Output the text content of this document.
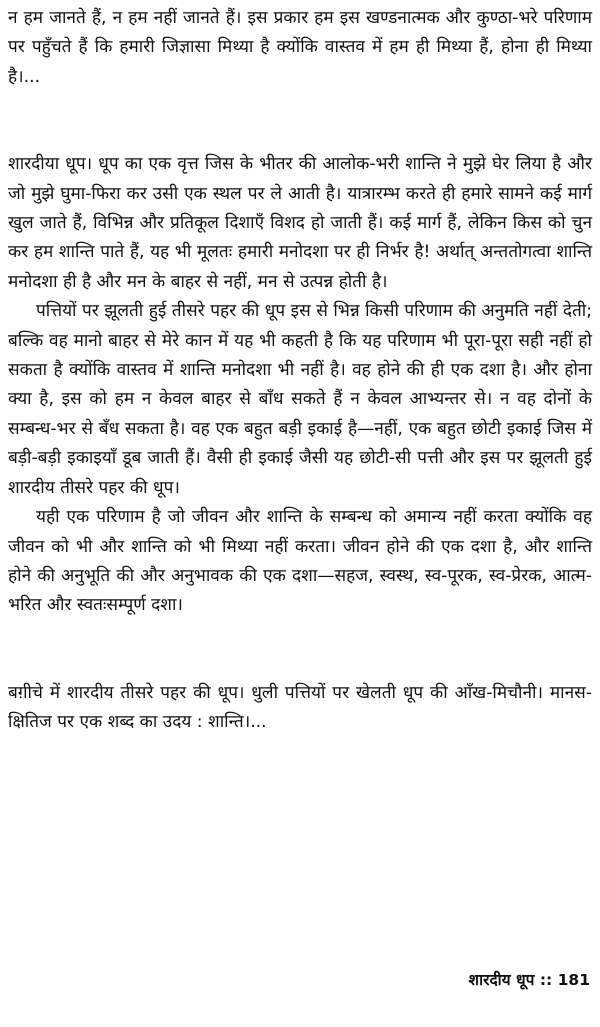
न हम जानते हैं, न हम नहीं जानते हैं। इस प्रकार हम इस खण्डनात्मक और कुण्ठा-भरे परिणाम पर पहुँचते हैं कि हमारी जिज्ञासा मिथ्या है क्योंकि वास्तव में हम ही मिथ्या हैं, होना ही मिथ्या है।...

शारदीया धूप। धूप का एक वृत्त जिस के भीतर की आलोक-भरी शान्ति ने मुझे घेर लिया है और जो मुझे घुमा-फिरा कर उसी एक स्थल पर ले आती है। यात्रारम्भ करते ही हमारे सामने कई मार्ग खुल जाते हैं, विभिन्न और प्रतिकूल दिशाएँ विशद हो जाती हैं। कई मार्ग हैं, लेकिन किस को चुन कर हम शान्ति पाते हैं, यह भी मूलतः हमारी मनोदशा पर ही निर्भर है! अर्थात् अन्ततोगत्वा शान्ति मनोदशा ही है और मन के बाहर से नहीं, मन से उत्पन्न होती है।

पत्तियों पर झूलती हुई तीसरे पहर की धूप इस से भिन्न किसी परिणाम की अनुमति नहीं देती; बल्कि वह मानो बाहर से मेरे कान में यह भी कहती है कि यह परिणाम भी पूरा-पूरा सही नहीं हो सकता है क्योंकि वास्तव में शान्ति मनोदशा भी नहीं है। वह होने की ही एक दशा है। और होना क्या है, इस को हम न केवल बाहर से बाँध सकते हैं न केवल आभ्यन्तर से। न वह दोनों के सम्बन्ध-भर से बँध सकता है। वह एक बहुत बड़ी इकाई है—नहीं, एक बहुत छोटी इकाई जिस में बड़ी-बड़ी इकाइयाँ डूब जाती हैं। वैसी ही इकाई जैसी यह छोटी-सी पत्ती और इस पर झूलती हुई शारदीय तीसरे पहर की धूप।

यही एक परिणाम है जो जीवन और शान्ति के सम्बन्ध को अमान्य नहीं करता क्योंकि वह जीवन को भी और शान्ति को भी मिथ्या नहीं करता। जीवन होने की एक दशा है, और शान्ति होने की अनुभूति की और अनुभावक की एक दशा—सहज, स्वस्थ, स्व-पूरक, स्व-प्रेरक, आत्म-भरित और स्वतःसम्पूर्ण दशा।

बग़ीचे में शारदीय तीसरे पहर की धूप। धुली पत्तियों पर खेलती धूप की आँख-मिचौनी। मानस-क्षितिज पर एक शब्द का उदय : शान्ति।...

शारदीय धूप :: 181
